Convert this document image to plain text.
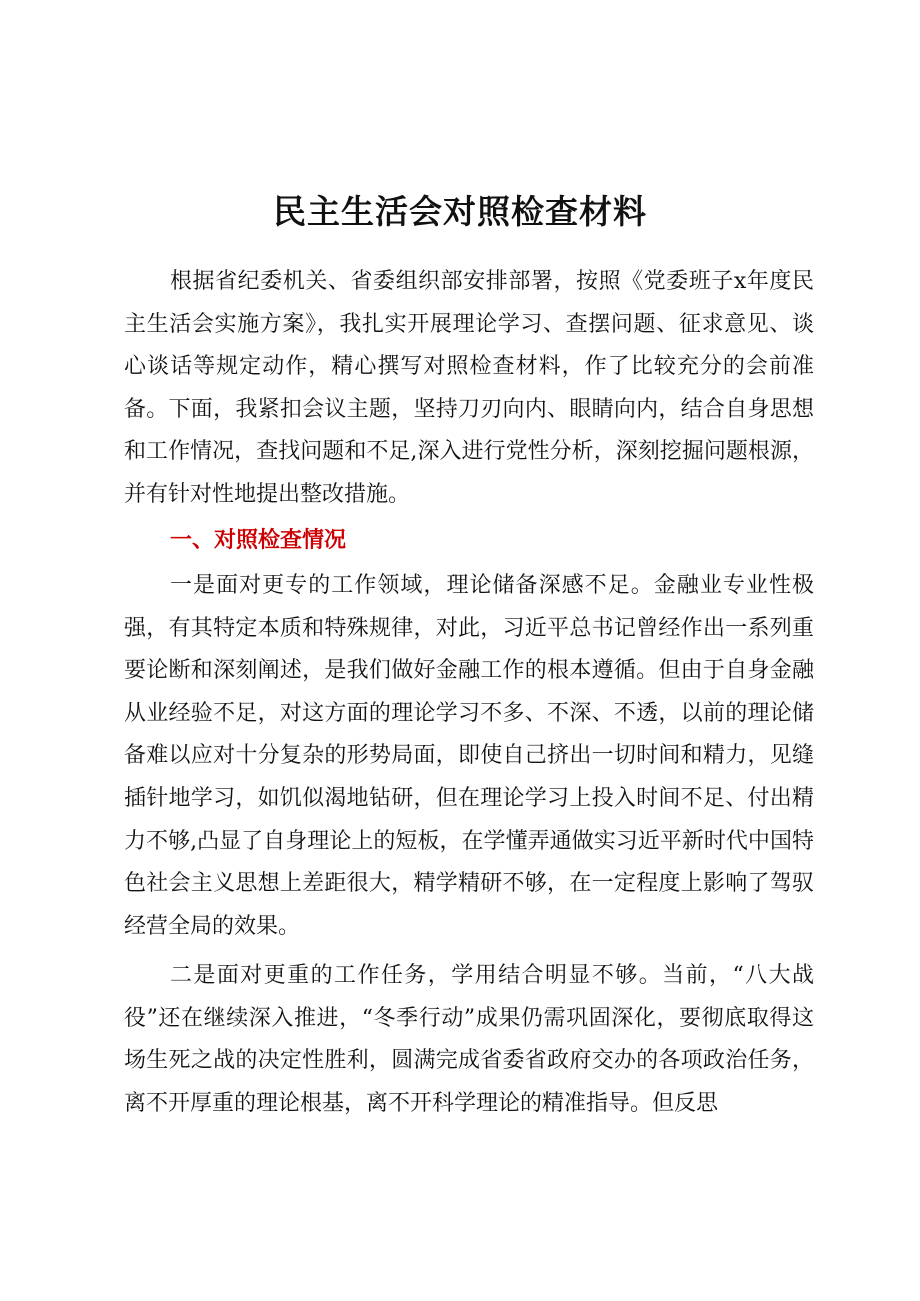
民主生活会对照检查材料

根据省纪委机关、省委组织部安排部署，按照《党委班子x年度民主生活会实施方案》，我扎实开展理论学习、查摆问题、征求意见、谈心谈话等规定动作，精心撰写对照检查材料，作了比较充分的会前准备。下面，我紧扣会议主题，坚持刀刃向内、眼睛向内，结合自身思想和工作情况，查找问题和不足,深入进行党性分析，深刻挖掘问题根源，并有针对性地提出整改措施。

一、对照检查情况

一是面对更专的工作领域，理论储备深感不足。金融业专业性极强，有其特定本质和特殊规律，对此，习近平总书记曾经作出一系列重要论断和深刻阐述，是我们做好金融工作的根本遵循。但由于自身金融从业经验不足，对这方面的理论学习不多、不深、不透，以前的理论储备难以应对十分复杂的形势局面，即使自己挤出一切时间和精力，见缝插针地学习，如饥似渴地钻研，但在理论学习上投入时间不足、付出精力不够,凸显了自身理论上的短板，在学懂弄通做实习近平新时代中国特色社会主义思想上差距很大，精学精研不够，在一定程度上影响了驾驭经营全局的效果。

二是面对更重的工作任务，学用结合明显不够。当前，“八大战役”还在继续深入推进，“冬季行动”成果仍需巩固深化，要彻底取得这场生死之战的决定性胜利，圆满完成省委省政府交办的各项政治任务，离不开厚重的理论根基，离不开科学理论的精准指导。但反思
